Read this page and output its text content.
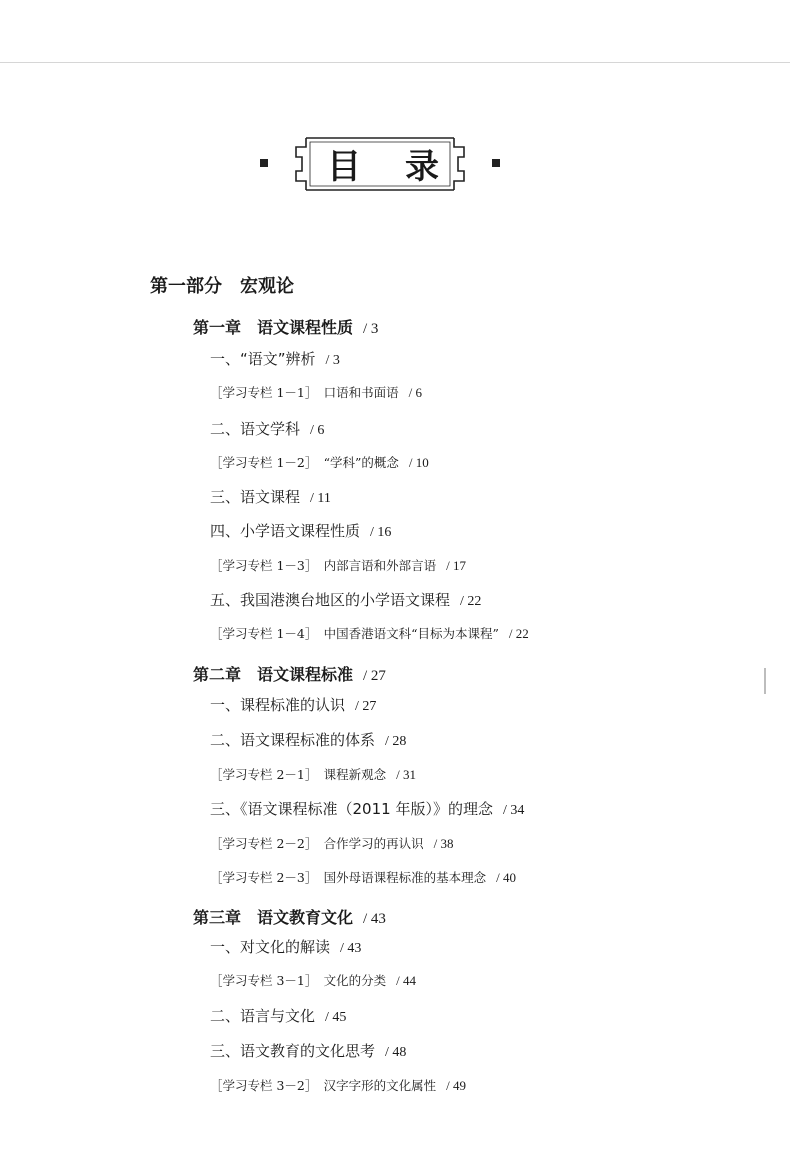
目 录
第一部分 宏观论
第一章　语文课程性质 / 3
一、“语文”辨析 / 3
［学习专栏 1－1］　口语和书面语 / 6
二、语文学科 / 6
［学习专栏 1－2］　“学科”的概念 / 10
三、语文课程 / 11
四、小学语文课程性质 / 16
［学习专栏 1－3］　内部言语和外部言语 / 17
五、我国港澳台地区的小学语文课程 / 22
［学习专栏 1－4］　中国香港语文科“目标为本课程” / 22
第二章　语文课程标准 / 27
一、课程标准的认识 / 27
二、语文课程标准的体系 / 28
［学习专栏 2－1］　课程新观念 / 31
三、《语文课程标准（2011 年版）》的理念 / 34
［学习专栏 2－2］　合作学习的再认识 / 38
［学习专栏 2－3］　国外母语课程标准的基本理念 / 40
第三章　语文教育文化 / 43
一、对文化的解读 / 43
［学习专栏 3－1］　文化的分类 / 44
二、语言与文化 / 45
三、语文教育的文化思考 / 48
［学习专栏 3－2］　汉字字形的文化属性 / 49
